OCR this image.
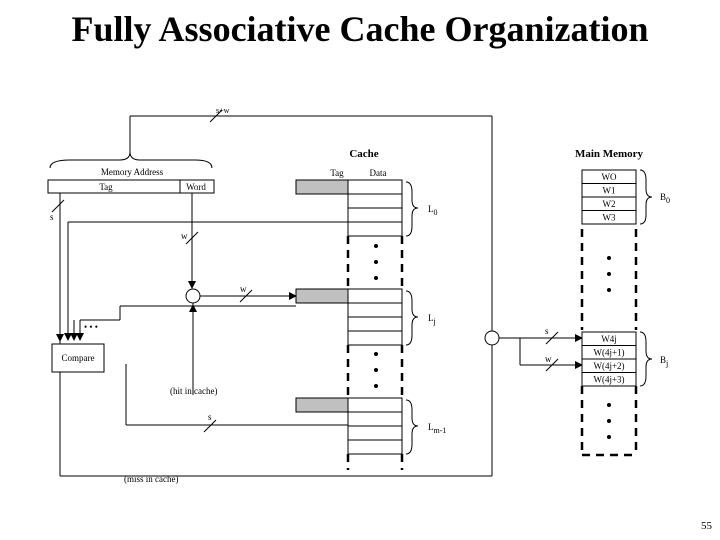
Fully Associative Cache Organization
s+w
Memory Address
Tag	Word
(miss in cache)
s
• • •
s
w
w
(hit in cache)
Compare
Cache
Tag	Data
L0
Lj
Lm-1
s
w
Main Memory
WO
W1
W2
W3
W4j
W(4j+1)
W(4j+2)
W(4j+3)
B0
Bj
55
